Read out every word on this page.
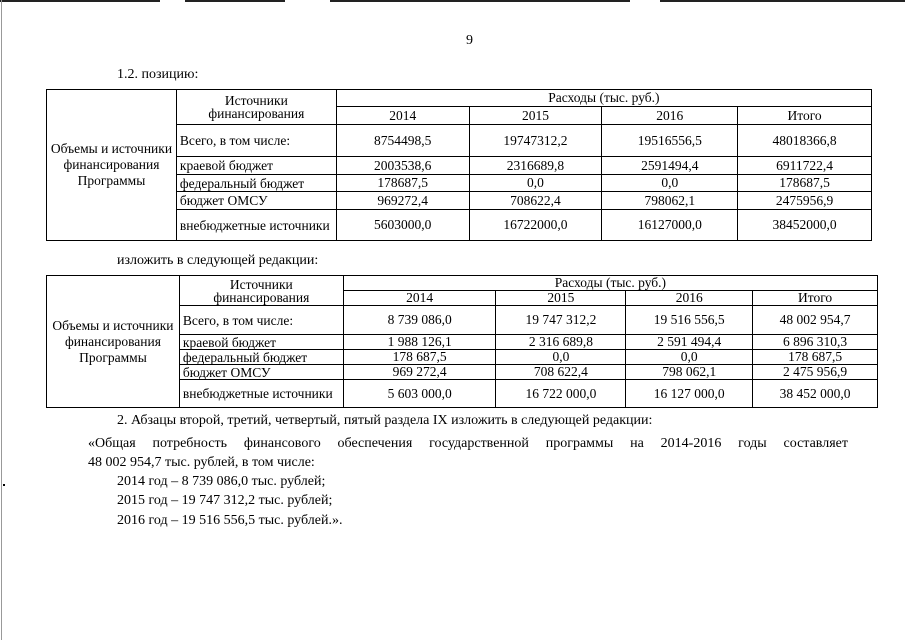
9
1.2. позицию:
Объемы и источники финансирования Программы	Источники финансирования	Расходы (тыс. руб.)			
		2014	2015	2016	Итого
	Всего, в том числе:	8754498,5	19747312,2	19516556,5	48018366,8
	краевой бюджет	2003538,6	2316689,8	2591494,4	6911722,4
	федеральный бюджет	178687,5	0,0	0,0	178687,5
	бюджет ОМСУ	969272,4	708622,4	798062,1	2475956,9
	внебюджетные источники	5603000,0	16722000,0	16127000,0	38452000,0
изложить в следующей редакции:
Объемы и источники финансирования Программы	Источники финансирования	Расходы (тыс. руб.)			
		2014	2015	2016	Итого
	Всего, в том числе:	8 739 086,0	19 747 312,2	19 516 556,5	48 002 954,7
	краевой бюджет	1 988 126,1	2 316 689,8	2 591 494,4	6 896 310,3
	федеральный бюджет	178 687,5	0,0	0,0	178 687,5
	бюджет ОМСУ	969 272,4	708 622,4	798 062,1	2 475 956,9
	внебюджетные источники	5 603 000,0	16 722 000,0	16 127 000,0	38 452 000,0
2. Абзацы второй, третий, четвертый, пятый раздела IX изложить в следующей редакции:
«Общая потребность финансового обеспечения государственной программы на 2014-2016 годы составляет
48 002 954,7 тыс. рублей, в том числе:
2014 год – 8 739 086,0 тыс. рублей;
2015 год – 19 747 312,2 тыс. рублей;
2016 год – 19 516 556,5 тыс. рублей.».
